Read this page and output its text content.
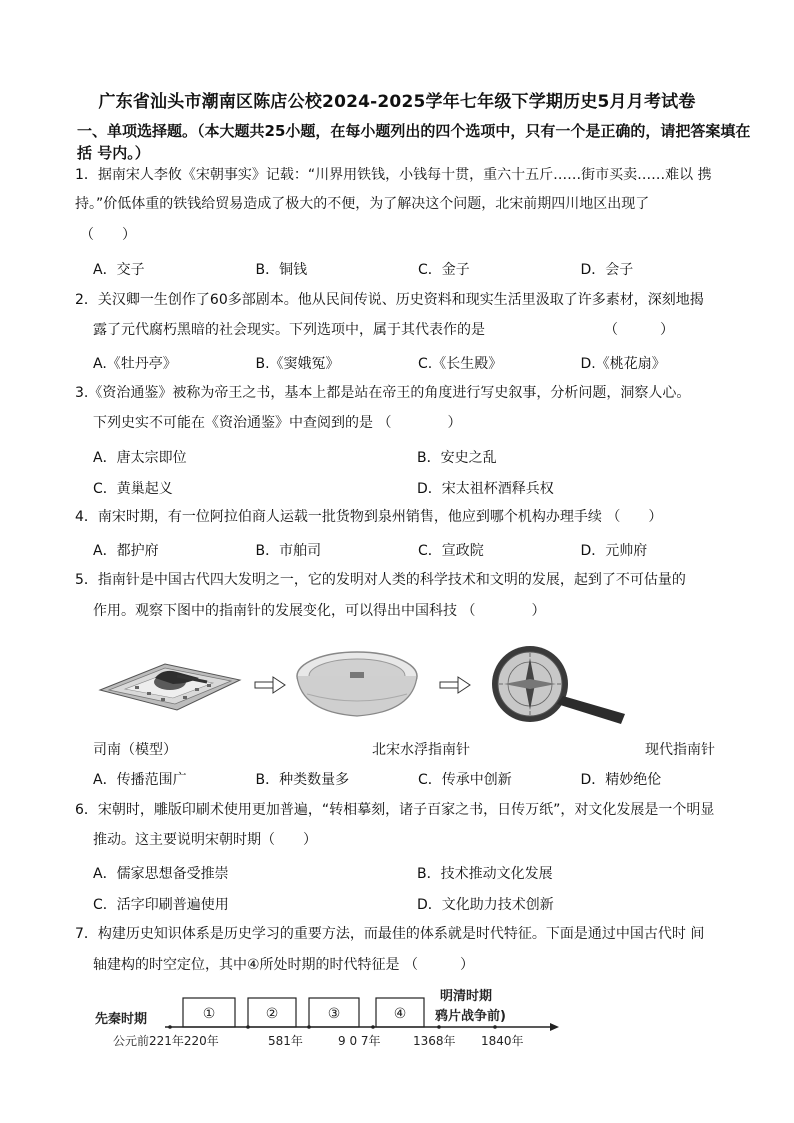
广东省汕头市潮南区陈店公校2024-2025学年七年级下学期历史5月月考试卷
一、单项选择题。（本大题共25小题，在每小题列出的四个选项中，只有一个是正确的，请把答案填在括 号内。）
1．据南宋人李攸《宋朝事实》记载：“川界用铁钱，小钱每十贯，重六十五斤……街市买卖……难以 携
持。”价低体重的铁钱给贸易造成了极大的不便，为了解决这个问题，北宋前期四川地区出现了
（　　）
A．交子	B．铜钱	C．金子	D．会子
2．关汉卿一生创作了60多部剧本。他从民间传说、历史资料和现实生活里汲取了许多素材，深刻地揭
露了元代腐朽黑暗的社会现实。下列选项中，属于其代表作的是　　　　　　　　　（　　　）
A.《牡丹亭》	B.《窦娥冤》	C.《长生殿》	D.《桃花扇》
3.《资治通鉴》被称为帝王之书，基本上都是站在帝王的角度进行写史叙事，分析问题，洞察人心。
下列史实不可能在《资治通鉴》中查阅到的是 （　　　　）
A．唐太宗即位	B．安史之乱
C．黄巢起义	D．宋太祖杯酒释兵权
4．南宋时期，有一位阿拉伯商人运载一批货物到泉州销售，他应到哪个机构办理手续 （　　）
A．都护府	B．市舶司	C．宣政院	D．元帅府
5．指南针是中国古代四大发明之一，它的发明对人类的科学技术和文明的发展，起到了不可估量的
作用。观察下图中的指南针的发展变化，可以得出中国科技 （　　　　）
司南（模型）	北宋水浮指南针	现代指南针
A．传播范围广	B．种类数量多	C．传承中创新	D．精妙绝伦
6．宋朝时，雕版印刷术使用更加普遍，“转相摹刻，诸子百家之书，日传万纸”，对文化发展是一个明显
推动。这主要说明宋朝时期（　　）
A．儒家思想备受推崇	B．技术推动文化发展
C．活字印刷普遍使用	D．文化助力技术创新
7．构建历史知识体系是历史学习的重要方法，而最佳的体系就是时代特征。下面是通过中国古代时 间
轴建构的时空定位，其中④所处时期的时代特征是 （　　　）
先秦时期	①	②	③	④
明清时期
鸦片战争前)
公元前221年220年	581年	9 0 7年	1368年 1840年
